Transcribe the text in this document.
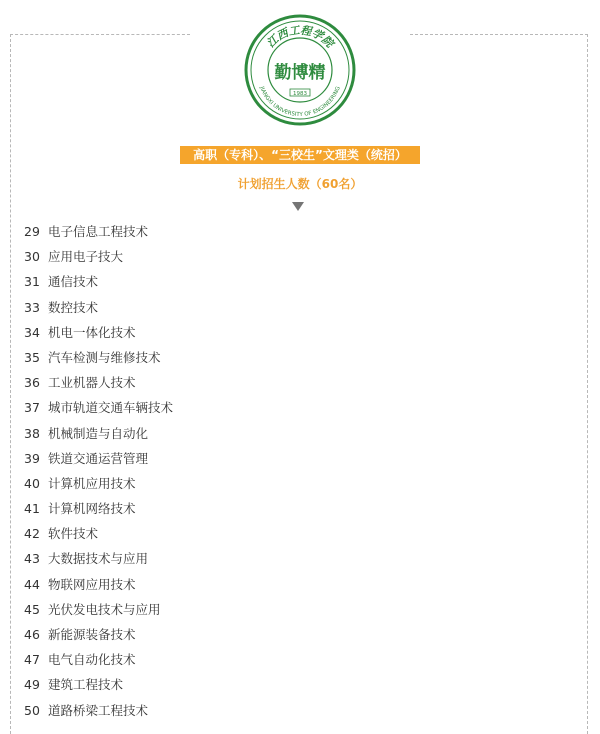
江西工程学院
JIANGXI UNIVERSITY OF ENGINEERING
勤博精
1983
高职（专科）、“三校生”文理类（统招）
计划招生人数（60名）
29 电子信息工程技术
30 应用电子技大
31 通信技术
33 数控技术
34 机电一体化技术
35 汽车检测与维修技术
36 工业机器人技术
37 城市轨道交通车辆技术
38 机械制造与自动化
39 铁道交通运营管理
40 计算机应用技术
41 计算机网络技术
42 软件技术
43 大数据技术与应用
44 物联网应用技术
45 光伏发电技术与应用
46 新能源装备技术
47 电气自动化技术
49 建筑工程技术
50 道路桥梁工程技术
